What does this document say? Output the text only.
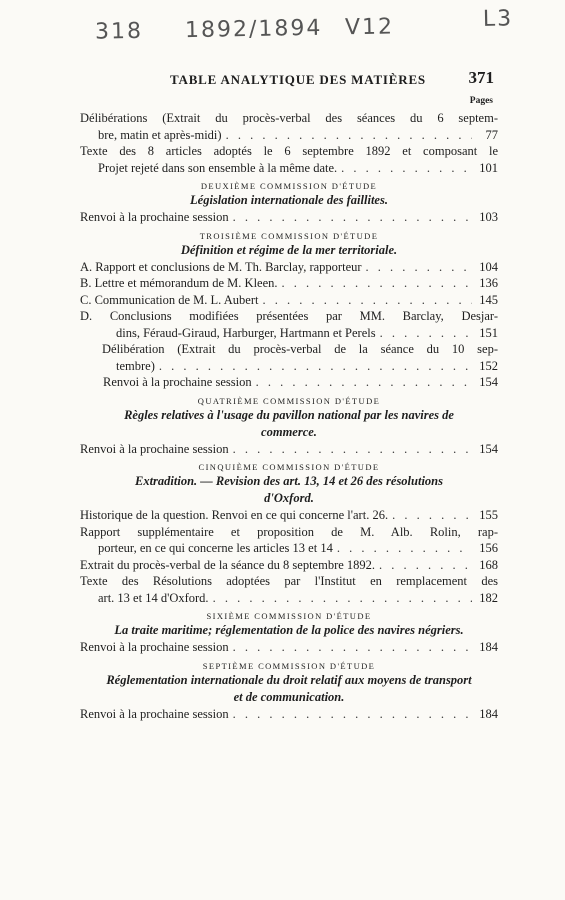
318 1892/1894 V12	L3
TABLE ANALYTIQUE DES MATIÈRES	371
Pages
Délibérations (Extrait du procès-verbal des séances du 6 septem-
bre, matin et après-midi) . . .	77
Texte des 8 articles adoptés le 6 septembre 1892 et composant le
Projet rejeté dans son ensemble à la même date. . . .	101
DEUXIÈME COMMISSION D'ÉTUDE
Législation internationale des faillites.
Renvoi à la prochaine session . . .	103
TROISIÈME COMMISSION D'ÉTUDE
Définition et régime de la mer territoriale.
A. Rapport et conclusions de M. Th. Barclay, rapporteur . . .	104
B. Lettre et mémorandum de M. Kleen. . . .	136
C. Communication de M. L. Aubert . . .	145
D. Conclusions modifiées présentées par MM. Barclay, Desjar-
dins, Féraud-Giraud, Harburger, Hartmann et Perels . . .	151
Délibération (Extrait du procès-verbal de la séance du 10 sep-
tembre) . . .	152
Renvoi à la prochaine session . . .	154
QUATRIÈME COMMISSION D'ÉTUDE
Règles relatives à l'usage du pavillon national par les navires de
commerce.
Renvoi à la prochaine session . . .	154
CINQUIÈME COMMISSION D'ÉTUDE
Extradition. — Revision des art. 13, 14 et 26 des résolutions
d'Oxford.
Historique de la question. Renvoi en ce qui concerne l'art. 26. . . .	155
Rapport supplémentaire et proposition de M. Alb. Rolin, rap-
porteur, en ce qui concerne les articles 13 et 14 . . .	156
Extrait du procès-verbal de la séance du 8 septembre 1892. . . .	168
Texte des Résolutions adoptées par l'Institut en remplacement des
art. 13 et 14 d'Oxford. . . .	182
SIXIÈME COMMISSION D'ÉTUDE
La traite maritime; réglementation de la police des navires négriers.
Renvoi à la prochaine session . . .	184
SEPTIÈME COMMISSION D'ÉTUDE
Réglementation internationale du droit relatif aux moyens de transport
et de communication.
Renvoi à la prochaine session . . .	184
